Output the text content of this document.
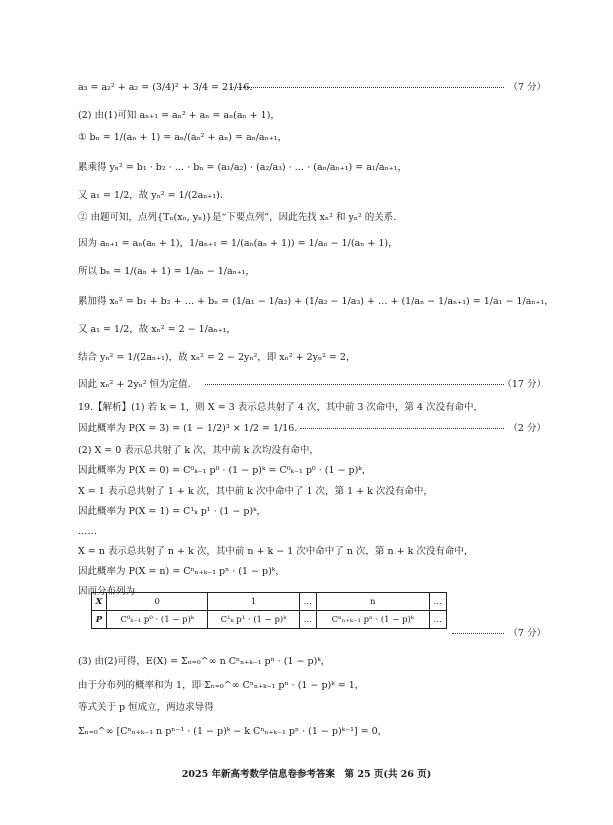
a₃ = a₂² + a₂ = (3/4)² + 3/4 = 21/16.	（7 分）
(2) 由(1)可知 aₙ₊₁ = aₙ² + aₙ = aₙ(aₙ + 1)，
① bₙ = 1/(aₙ + 1) = aₙ/(aₙ² + aₙ) = aₙ/aₙ₊₁，
累乘得 yₙ² = b₁ · b₂ · … · bₙ = (a₁/a₂) · (a₂/a₃) · … · (aₙ/aₙ₊₁) = a₁/aₙ₊₁，
又 a₁ = 1/2，故 yₙ² = 1/(2aₙ₊₁).
② 由题可知，点列{Tₙ(xₙ, yₙ)}是“下要点列”，因此先找 xₙ² 和 yₙ² 的关系.
因为 aₙ₊₁ = aₙ(aₙ + 1)，1/aₙ₊₁ = 1/(aₙ(aₙ + 1)) = 1/aₙ − 1/(aₙ + 1)，
所以 bₙ = 1/(aₙ + 1) = 1/aₙ − 1/aₙ₊₁，
累加得 xₙ² = b₁ + b₂ + … + bₙ = (1/a₁ − 1/a₂) + (1/a₂ − 1/a₃) + … + (1/aₙ − 1/aₙ₊₁) = 1/a₁ − 1/aₙ₊₁，
又 a₁ = 1/2，故 xₙ² = 2 − 1/aₙ₊₁，
结合 yₙ² = 1/(2aₙ₊₁)，故 xₙ² = 2 − 2yₙ²，即 xₙ² + 2yₙ² = 2，
因此 xₙ² + 2yₙ² 恒为定值.	（17 分）
19.【解析】(1) 若 k = 1，则 X = 3 表示总共射了 4 次，其中前 3 次命中，第 4 次没有命中，
因此概率为 P(X = 3) = (1 − 1/2)³ × 1/2 = 1/16.	（2 分）
(2) X = 0 表示总共射了 k 次，其中前 k 次均没有命中，
因此概率为 P(X = 0) = C⁰ₖ₋₁ p⁰ · (1 − p)ᵏ = C⁰ₖ₋₁ p⁰ · (1 − p)ᵏ，
X = 1 表示总共射了 1 + k 次，其中前 k 次中命中了 1 次，第 1 + k 次没有命中，
因此概率为 P(X = 1) = C¹ₖ p¹ · (1 − p)ᵏ，
……
X = n 表示总共射了 n + k 次，其中前 n + k − 1 次中命中了 n 次，第 n + k 次没有命中，
因此概率为 P(X = n) = Cⁿₙ₊ₖ₋₁ pⁿ · (1 − p)ᵏ，
因而分布列为
（7 分）
(3) 由(2)可得，E(X) = Σₙ₌₀^∞ n Cⁿₙ₊ₖ₋₁ pⁿ · (1 − p)ᵏ，
由于分布列的概率和为 1，即 Σₙ₌₀^∞ Cⁿₙ₊ₖ₋₁ pⁿ · (1 − p)ᵏ = 1，
等式关于 p 恒成立，两边求导得
Σₙ₌₀^∞ [Cⁿₙ₊ₖ₋₁ n pⁿ⁻¹ · (1 − p)ᵏ − k Cⁿₙ₊ₖ₋₁ pⁿ · (1 − p)ᵏ⁻¹] = 0，
X	0	1	…	n	…
P	C⁰ₖ₋₁ p⁰ · (1 − p)ᵏ	C¹ₖ p¹ · (1 − p)ᵏ	…	Cⁿₙ₊ₖ₋₁ pⁿ · (1 − p)ᵏ	…
2025 年新高考数学信息卷参考答案　第 25 页(共 26 页)
